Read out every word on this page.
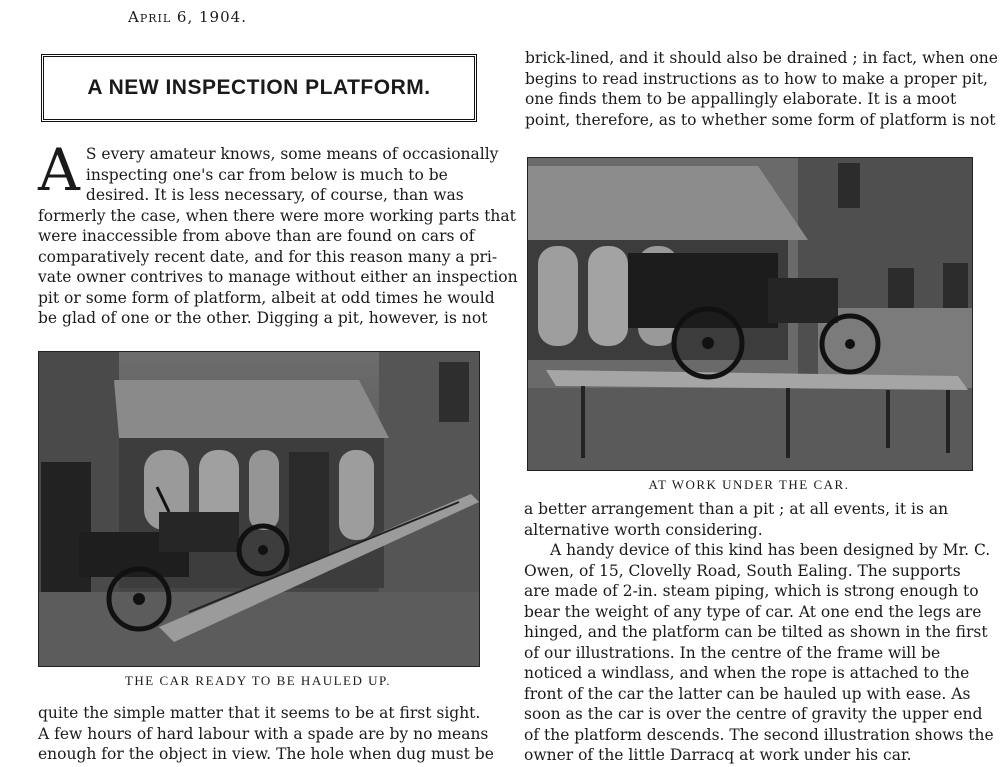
April 6, 1904.
A NEW INSPECTION PLATFORM.
A S every amateur knows, some means of occasionally
inspecting one's car from below is much to be
desired. It is less necessary, of course, than was
formerly the case, when there were more working parts that
were inaccessible from above than are found on cars of
comparatively recent date, and for this reason many a pri-
vate owner contrives to manage without either an inspection
pit or some form of platform, albeit at odd times he would
be glad of one or the other. Digging a pit, however, is not
THE CAR READY TO BE HAULED UP.
quite the simple matter that it seems to be at first sight.
A few hours of hard labour with a spade are by no means
enough for the object in view. The hole when dug must be
brick-lined, and it should also be drained ; in fact, when one
begins to read instructions as to how to make a proper pit,
one finds them to be appallingly elaborate. It is a moot
point, therefore, as to whether some form of platform is not
AT WORK UNDER THE CAR.
a better arrangement than a pit ; at all events, it is an
alternative worth considering.
A handy device of this kind has been designed by Mr. C.
Owen, of 15, Clovelly Road, South Ealing. The supports
are made of 2-in. steam piping, which is strong enough to
bear the weight of any type of car. At one end the legs are
hinged, and the platform can be tilted as shown in the first
of our illustrations. In the centre of the frame will be
noticed a windlass, and when the rope is attached to the
front of the car the latter can be hauled up with ease. As
soon as the car is over the centre of gravity the upper end
of the platform descends. The second illustration shows the
owner of the little Darracq at work under his car.
